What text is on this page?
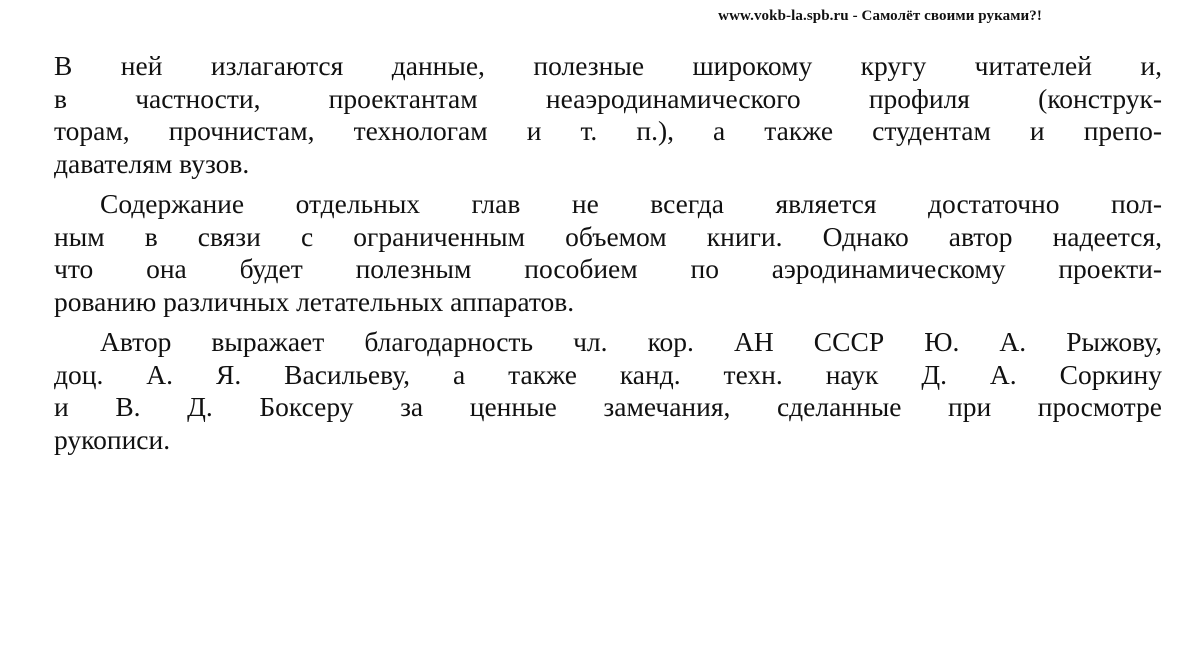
www.vokb-la.spb.ru - Самолёт своими руками?!
В ней излагаются данные, полезные широкому кругу читателей и,
в частности, проектантам неаэродинамического профиля (конструк-
торам, прочнистам, технологам и т. п.), а также студентам и препо-
давателям вузов.
Содержание отдельных глав не всегда является достаточно пол-
ным в связи с ограниченным объемом книги. Однако автор надеется,
что она будет полезным пособием по аэродинамическому проекти-
рованию различных летательных аппаратов.
Автор выражает благодарность чл. кор. АН СССР Ю. А. Рыжову,
доц. А. Я. Васильеву, а также канд. техн. наук Д. А. Соркину
и В. Д. Боксеру за ценные замечания, сделанные при просмотре
рукописи.
